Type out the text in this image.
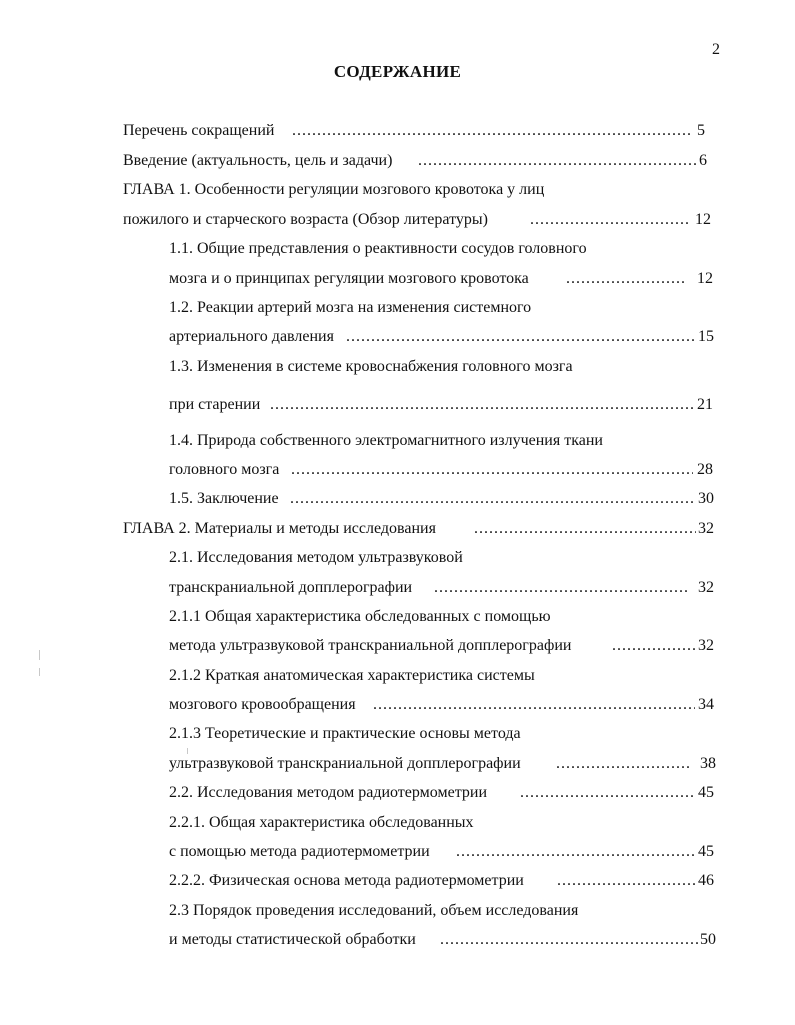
2
СОДЕРЖАНИЕ
Перечень сокращений .....	5
Введение (актуальность, цель и задачи) .....	6
ГЛАВА 1. Особенности регуляции мозгового кровотока у лиц
пожилого и старческого возраста (Обзор литературы) .....	12
1.1. Общие представления о реактивности сосудов головного
мозга и о принципах регуляции мозгового кровотока .....	12
1.2. Реакции артерий мозга на изменения системного
артериального давления .....	15
1.3. Изменения в системе кровоснабжения головного мозга
при старении .....	21
1.4. Природа собственного электромагнитного излучения ткани
головного мозга .....	28
1.5. Заключение .....	30
ГЛАВА 2. Материалы и методы исследования .....	32
2.1. Исследования методом ультразвуковой
транскраниальной допплерографии .....	32
2.1.1 Общая характеристика обследованных с помощью
метода ультразвуковой транскраниальной допплерографии .....	32
2.1.2 Краткая анатомическая характеристика системы
мозгового кровообращения .....	34
2.1.3 Теоретические и практические основы метода
ультразвуковой транскраниальной допплерографии .....	38
2.2. Исследования методом радиотермометрии .....	45
2.2.1. Общая характеристика обследованных
с помощью метода радиотермометрии .....	45
2.2.2. Физическая основа метода радиотермометрии .....	46
2.3 Порядок проведения исследований, объем исследования
и методы статистической обработки .....	50
